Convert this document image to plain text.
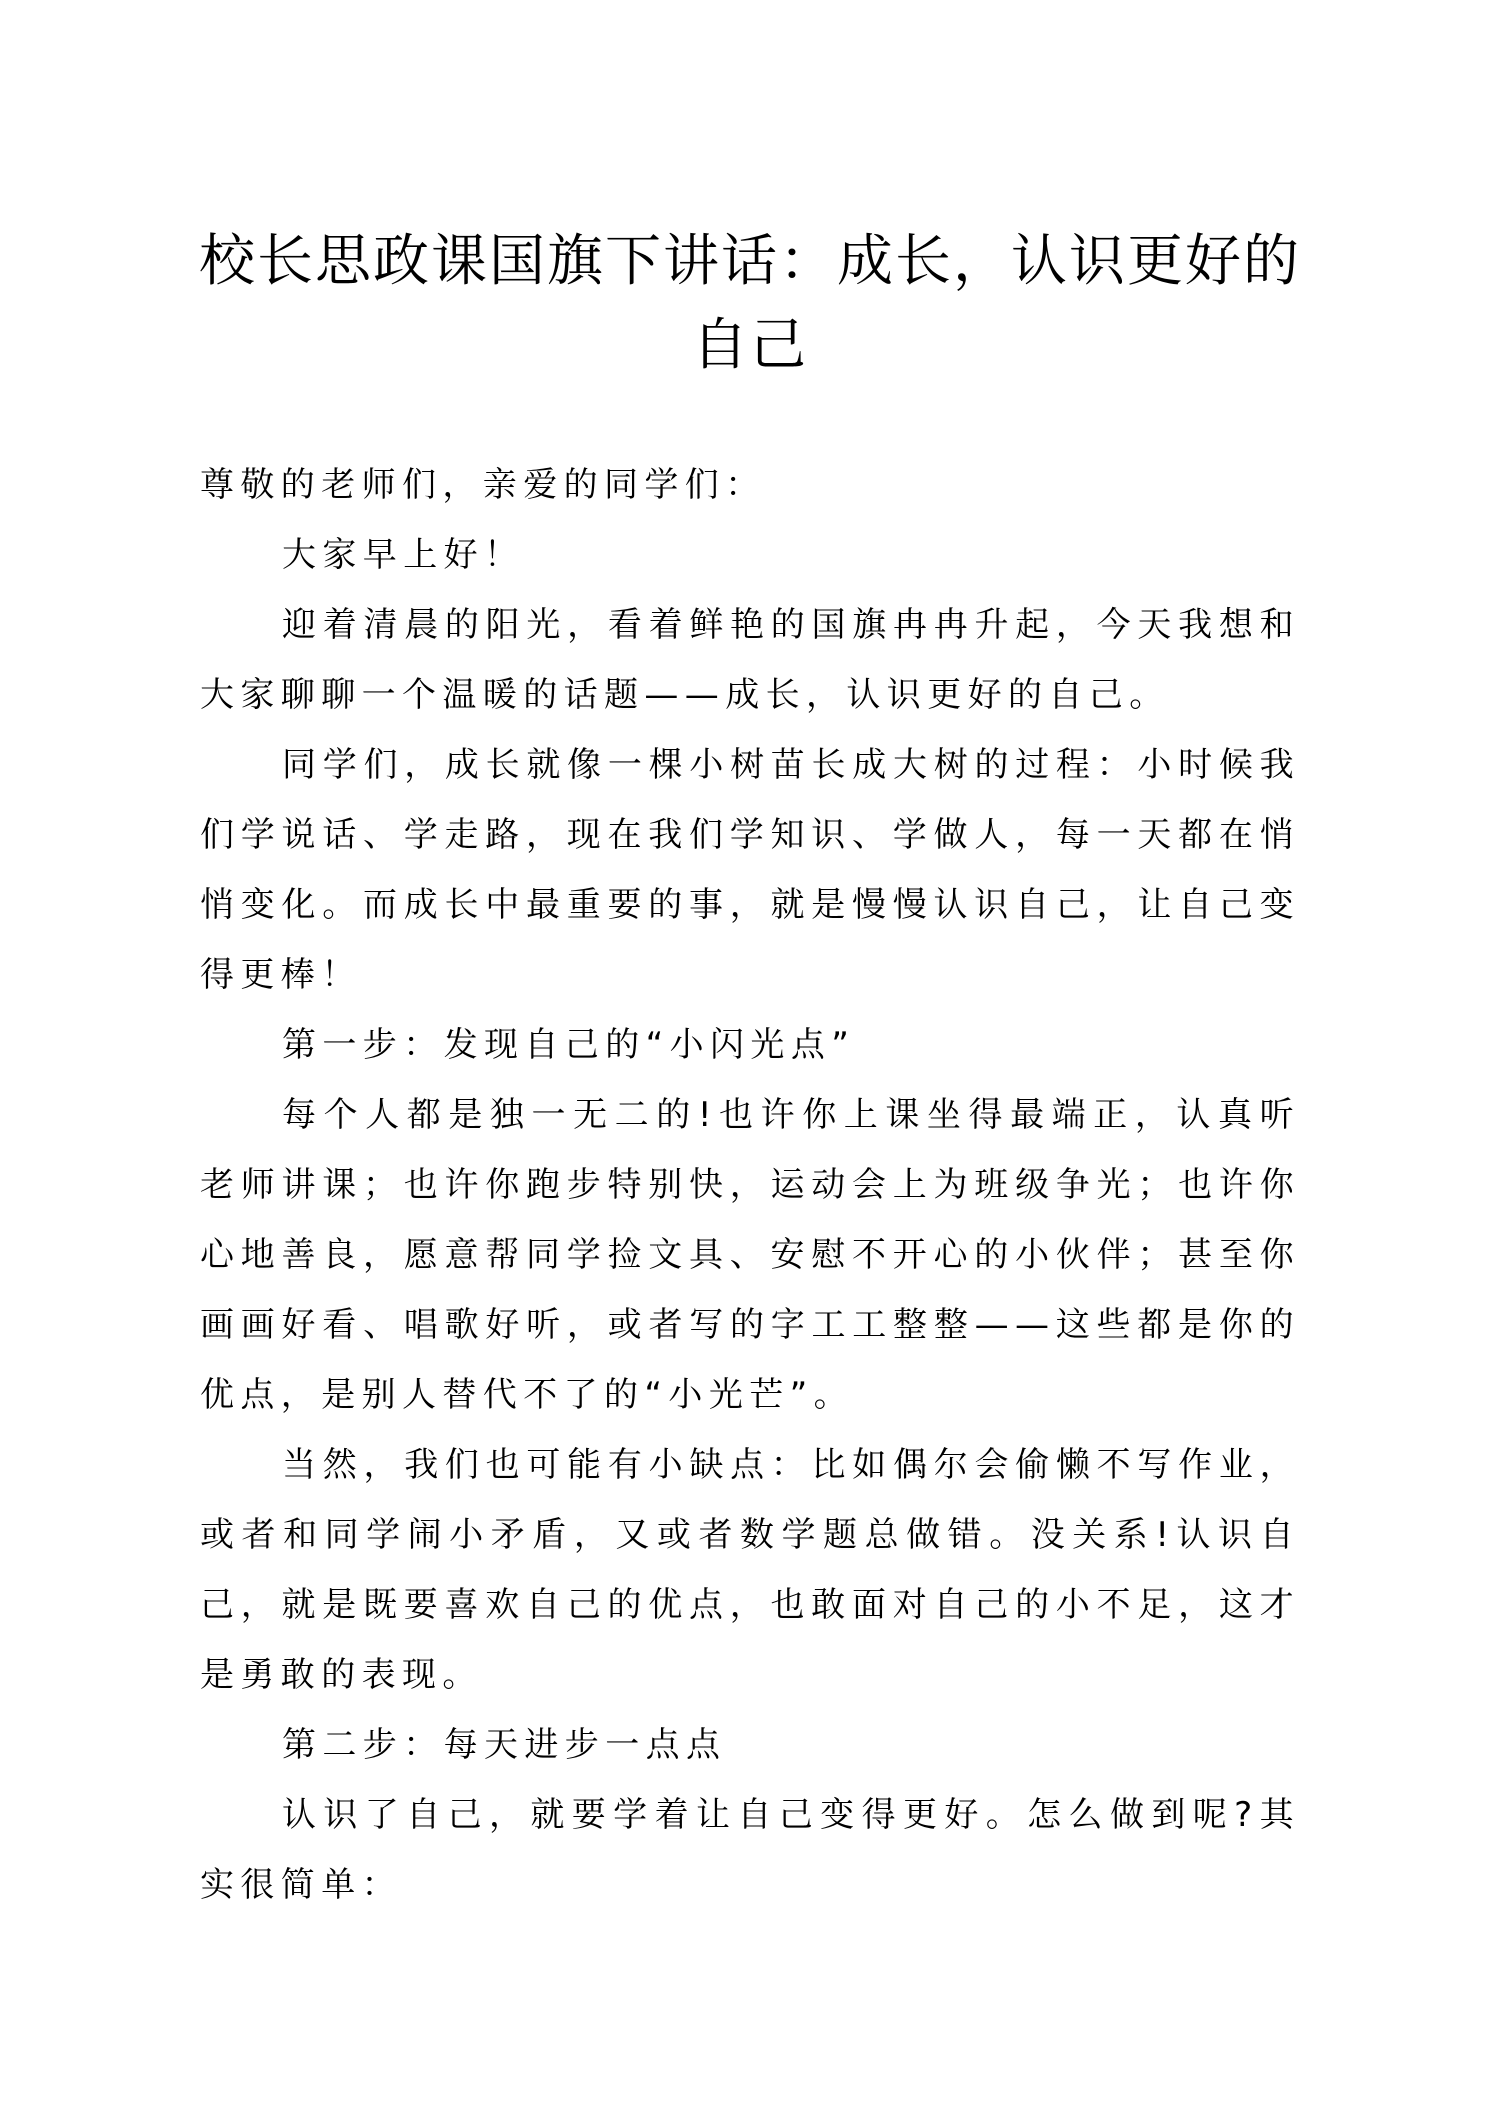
校长思政课国旗下讲话：成长，认识更好的自己

尊敬的老师们，亲爱的同学们：

大家早上好！

迎着清晨的阳光，看着鲜艳的国旗冉冉升起，今天我想和大家聊聊一个温暖的话题——成长，认识更好的自己。

同学们，成长就像一棵小树苗长成大树的过程：小时候我们学说话、学走路，现在我们学知识、学做人，每一天都在悄悄变化。而成长中最重要的事，就是慢慢认识自己，让自己变得更棒！

第一步：发现自己的“小闪光点”

每个人都是独一无二的!也许你上课坐得最端正，认真听老师讲课；也许你跑步特别快，运动会上为班级争光；也许你心地善良，愿意帮同学捡文具、安慰不开心的小伙伴；甚至你画画好看、唱歌好听，或者写的字工工整整——这些都是你的优点，是别人替代不了的“小光芒”。

当然，我们也可能有小缺点：比如偶尔会偷懒不写作业，或者和同学闹小矛盾，又或者数学题总做错。没关系!认识自己，就是既要喜欢自己的优点，也敢面对自己的小不足，这才是勇敢的表现。

第二步：每天进步一点点

认识了自己，就要学着让自己变得更好。怎么做到呢?其实很简单：
